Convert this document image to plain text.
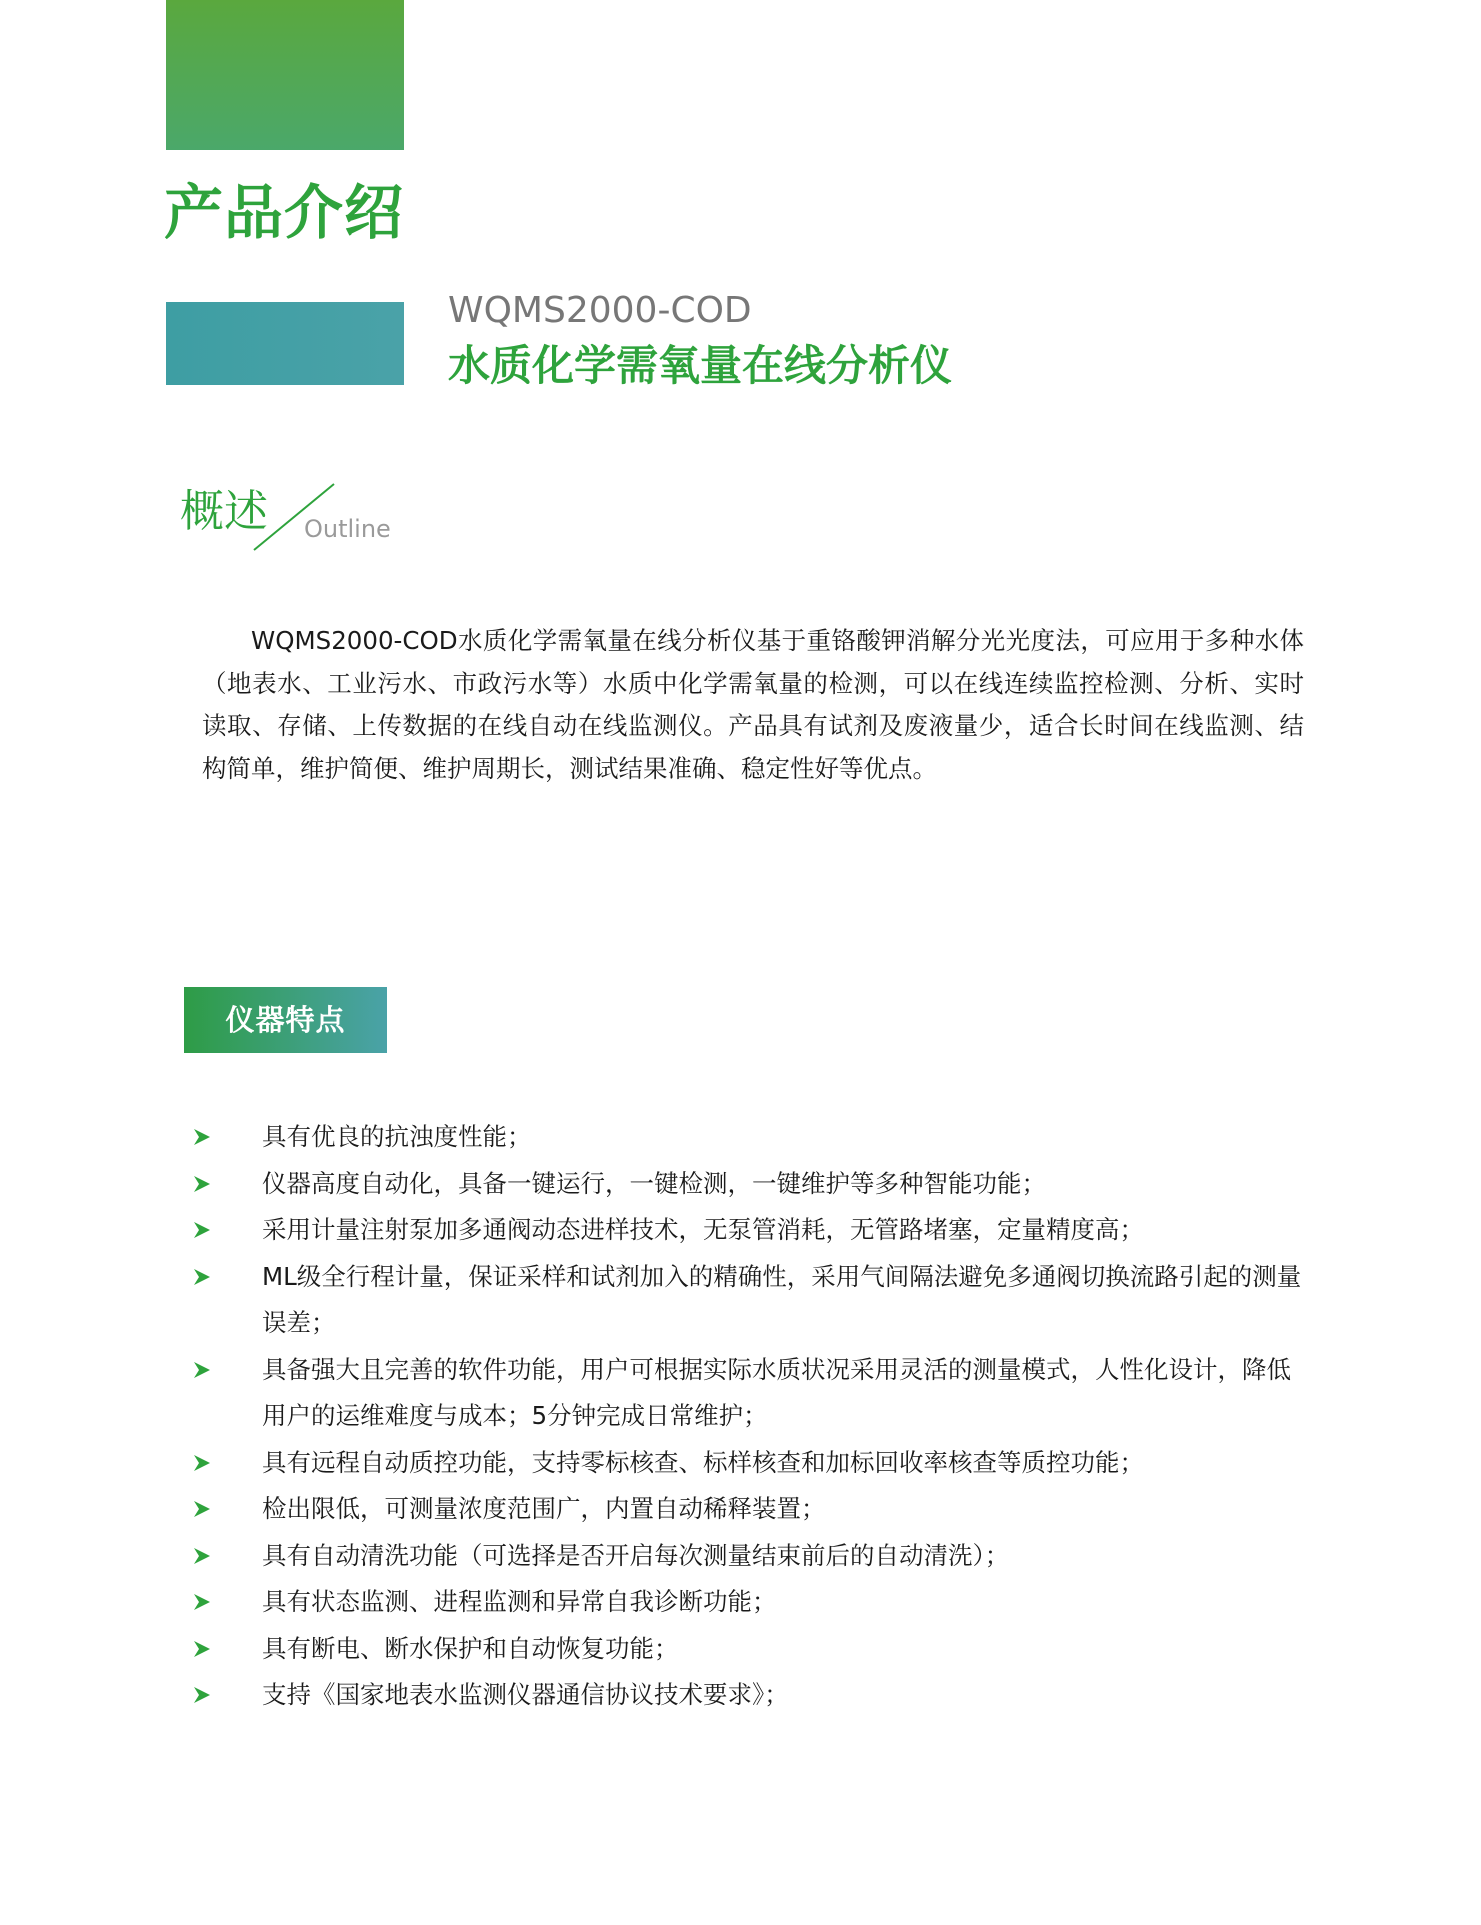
产品介绍
WQMS2000-COD
水质化学需氧量在线分析仪
概述 Outline

WQMS2000-COD水质化学需氧量在线分析仪基于重铬酸钾消解分光光度法，可应用于多种水体（地表水、工业污水、市政污水等）水质中化学需氧量的检测，可以在线连续监控检测、分析、实时读取、存储、上传数据的在线自动在线监测仪。产品具有试剂及废液量少，适合长时间在线监测、结构简单，维护简便、维护周期长，测试结果准确、稳定性好等优点。

仪器特点
具有优良的抗浊度性能；
仪器高度自动化，具备一键运行，一键检测，一键维护等多种智能功能；
采用计量注射泵加多通阀动态进样技术，无泵管消耗，无管路堵塞，定量精度高；
ML级全行程计量，保证采样和试剂加入的精确性，采用气间隔法避免多通阀切换流路引起的测量误差；
具备强大且完善的软件功能，用户可根据实际水质状况采用灵活的测量模式，人性化设计，降低用户的运维难度与成本；5分钟完成日常维护；
具有远程自动质控功能，支持零标核查、标样核查和加标回收率核查等质控功能；
检出限低，可测量浓度范围广，内置自动稀释装置；
具有自动清洗功能（可选择是否开启每次测量结束前后的自动清洗）；
具有状态监测、进程监测和异常自我诊断功能；
具有断电、断水保护和自动恢复功能；
支持《国家地表水监测仪器通信协议技术要求》；
